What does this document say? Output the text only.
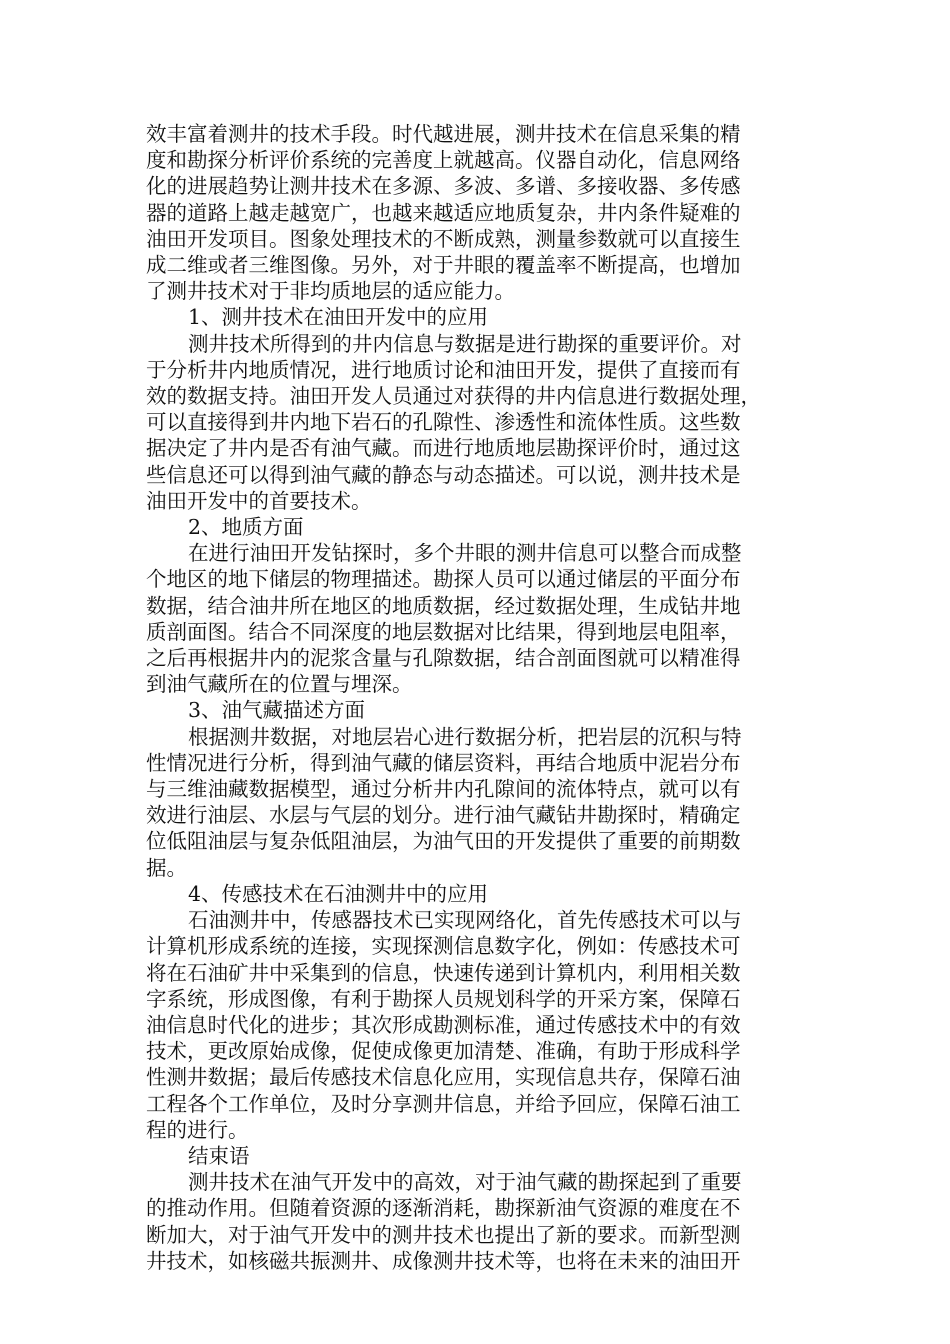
效丰富着测井的技术手段。时代越进展，测井技术在信息采集的精
度和勘探分析评价系统的完善度上就越高。仪器自动化，信息网络
化的进展趋势让测井技术在多源、多波、多谱、多接收器、多传感
器的道路上越走越宽广，也越来越适应地质复杂，井内条件疑难的
油田开发项目。图象处理技术的不断成熟，测量参数就可以直接生
成二维或者三维图像。另外，对于井眼的覆盖率不断提高，也增加
了测井技术对于非均质地层的适应能力。
1、测井技术在油田开发中的应用
测井技术所得到的井内信息与数据是进行勘探的重要评价。对
于分析井内地质情况，进行地质讨论和油田开发，提供了直接而有
效的数据支持。油田开发人员通过对获得的井内信息进行数据处理，
可以直接得到井内地下岩石的孔隙性、渗透性和流体性质。这些数
据决定了井内是否有油气藏。而进行地质地层勘探评价时，通过这
些信息还可以得到油气藏的静态与动态描述。可以说，测井技术是
油田开发中的首要技术。
2、地质方面
在进行油田开发钻探时，多个井眼的测井信息可以整合而成整
个地区的地下储层的物理描述。勘探人员可以通过储层的平面分布
数据，结合油井所在地区的地质数据，经过数据处理，生成钻井地
质剖面图。结合不同深度的地层数据对比结果，得到地层电阻率，
之后再根据井内的泥浆含量与孔隙数据，结合剖面图就可以精准得
到油气藏所在的位置与埋深。
3、油气藏描述方面
根据测井数据，对地层岩心进行数据分析，把岩层的沉积与特
性情况进行分析，得到油气藏的储层资料，再结合地质中泥岩分布
与三维油藏数据模型，通过分析井内孔隙间的流体特点，就可以有
效进行油层、水层与气层的划分。进行油气藏钻井勘探时，精确定
位低阻油层与复杂低阻油层，为油气田的开发提供了重要的前期数
据。
4、传感技术在石油测井中的应用
石油测井中，传感器技术已实现网络化，首先传感技术可以与
计算机形成系统的连接，实现探测信息数字化，例如：传感技术可
将在石油矿井中采集到的信息，快速传递到计算机内，利用相关数
字系统，形成图像，有利于勘探人员规划科学的开采方案，保障石
油信息时代化的进步；其次形成勘测标准，通过传感技术中的有效
技术，更改原始成像，促使成像更加清楚、准确，有助于形成科学
性测井数据；最后传感技术信息化应用，实现信息共存，保障石油
工程各个工作单位，及时分享测井信息，并给予回应，保障石油工
程的进行。
结束语
测井技术在油气开发中的高效，对于油气藏的勘探起到了重要
的推动作用。但随着资源的逐渐消耗，勘探新油气资源的难度在不
断加大，对于油气开发中的测井技术也提出了新的要求。而新型测
井技术，如核磁共振测井、成像测井技术等，也将在未来的油田开
